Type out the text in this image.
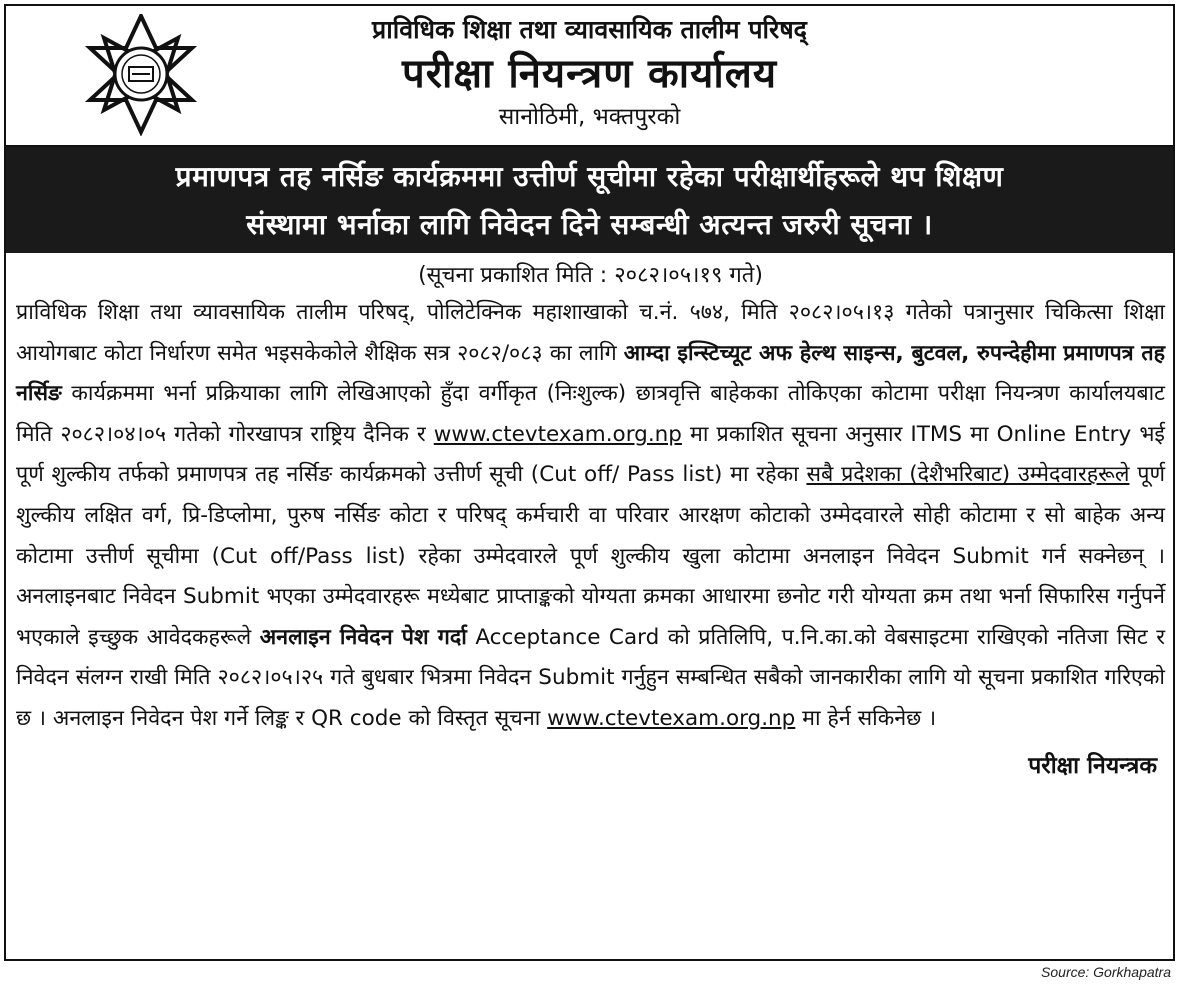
प्राविधिक शिक्षा तथा व्यावसायिक तालीम परिषद्
परीक्षा नियन्त्रण कार्यालय
सानोठिमी, भक्तपुरको
प्रमाणपत्र तह नर्सिङ कार्यक्रममा उत्तीर्ण सूचीमा रहेका परीक्षार्थीहरूले थप शिक्षण
संस्थामा भर्नाका लागि निवेदन दिने सम्बन्धी अत्यन्त जरुरी सूचना ।
(सूचना प्रकाशित मिति : २०८२।०५।१९ गते)

प्राविधिक शिक्षा तथा व्यावसायिक तालीम परिषद्, पोलिटेक्निक महाशाखाको च.नं. ५७४, मिति २०८२।०५।१३ गतेको पत्रानुसार चिकित्सा शिक्षा आयोगबाट कोटा निर्धारण समेत भइसकेकोले शैक्षिक सत्र २०८२/०८३ का लागि आम्दा इन्स्टिच्यूट अफ हेल्थ साइन्स, बुटवल, रुपन्देहीमा प्रमाणपत्र तह नर्सिङ कार्यक्रममा भर्ना प्रक्रियाका लागि लेखिआएको हुँदा वर्गीकृत (निःशुल्क) छात्रवृत्ति बाहेकका तोकिएका कोटामा परीक्षा नियन्त्रण कार्यालयबाट मिति २०८२।०४।०५ गतेको गोरखापत्र राष्ट्रिय दैनिक र www.ctevtexam.org.np मा प्रकाशित सूचना अनुसार ITMS मा Online Entry भई पूर्ण शुल्कीय तर्फको प्रमाणपत्र तह नर्सिङ कार्यक्रमको उत्तीर्ण सूची (Cut off/ Pass list) मा रहेका सबै प्रदेशका (देशैभरिबाट) उम्मेदवारहरूले पूर्ण शुल्कीय लक्षित वर्ग, प्रि-डिप्लोमा, पुरुष नर्सिङ कोटा र परिषद् कर्मचारी वा परिवार आरक्षण कोटाको उम्मेदवारले सोही कोटामा र सो बाहेक अन्य कोटामा उत्तीर्ण सूचीमा (Cut off/Pass list) रहेका उम्मेदवारले पूर्ण शुल्कीय खुला कोटामा अनलाइन निवेदन Submit गर्न सक्नेछन् । अनलाइनबाट निवेदन Submit भएका उम्मेदवारहरू मध्येबाट प्राप्ताङ्कको योग्यता क्रमका आधारमा छनोट गरी योग्यता क्रम तथा भर्ना सिफारिस गर्नुपर्ने भएकाले इच्छुक आवेदकहरूले अनलाइन निवेदन पेश गर्दा Acceptance Card को प्रतिलिपि, प.नि.का.को वेबसाइटमा राखिएको नतिजा सिट र निवेदन संलग्न राखी मिति २०८२।०५।२५ गते बुधबार भित्रमा निवेदन Submit गर्नुहुन सम्बन्धित सबैको जानकारीका लागि यो सूचना प्रकाशित गरिएको छ । अनलाइन निवेदन पेश गर्ने लिङ्क र QR code को विस्तृत सूचना www.ctevtexam.org.np मा हेर्न सकिनेछ ।

परीक्षा नियन्त्रक
Source: Gorkhapatra
